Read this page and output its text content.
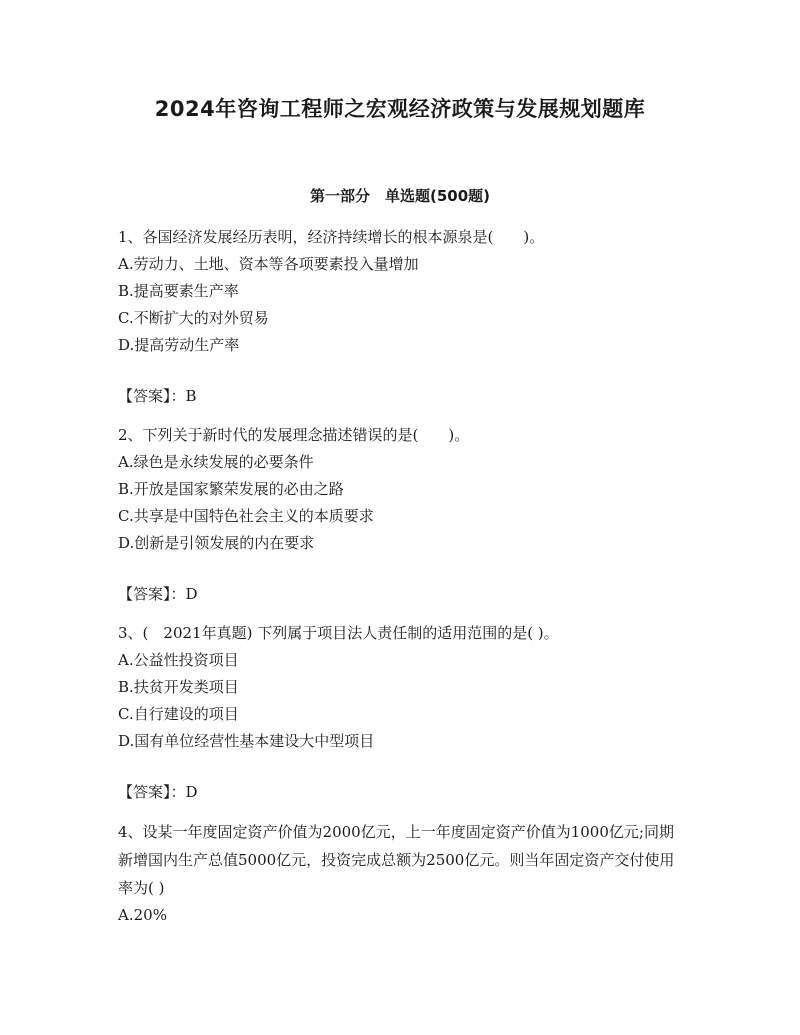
2024年咨询工程师之宏观经济政策与发展规划题库
第一部分　单选题(500题)
1、各国经济发展经历表明，经济持续增长的根本源泉是(　　)。
A.劳动力、土地、资本等各项要素投入量增加
B.提高要素生产率
C.不断扩大的对外贸易
D.提高劳动生产率
【答案】：B
2、下列关于新时代的发展理念描述错误的是(　　)。
A.绿色是永续发展的必要条件
B.开放是国家繁荣发展的必由之路
C.共享是中国特色社会主义的本质要求
D.创新是引领发展的内在要求
【答案】：D
3、(　2021年真题) 下列属于项目法人责任制的适用范围的是( )。
A.公益性投资项目
B.扶贫开发类项目
C.自行建设的项目
D.国有单位经营性基本建设大中型项目
【答案】：D
4、设某一年度固定资产价值为2000亿元，上一年度固定资产价值为1000亿元;同期新增国内生产总值5000亿元，投资完成总额为2500亿元。则当年固定资产交付使用率为( )
A.20%
